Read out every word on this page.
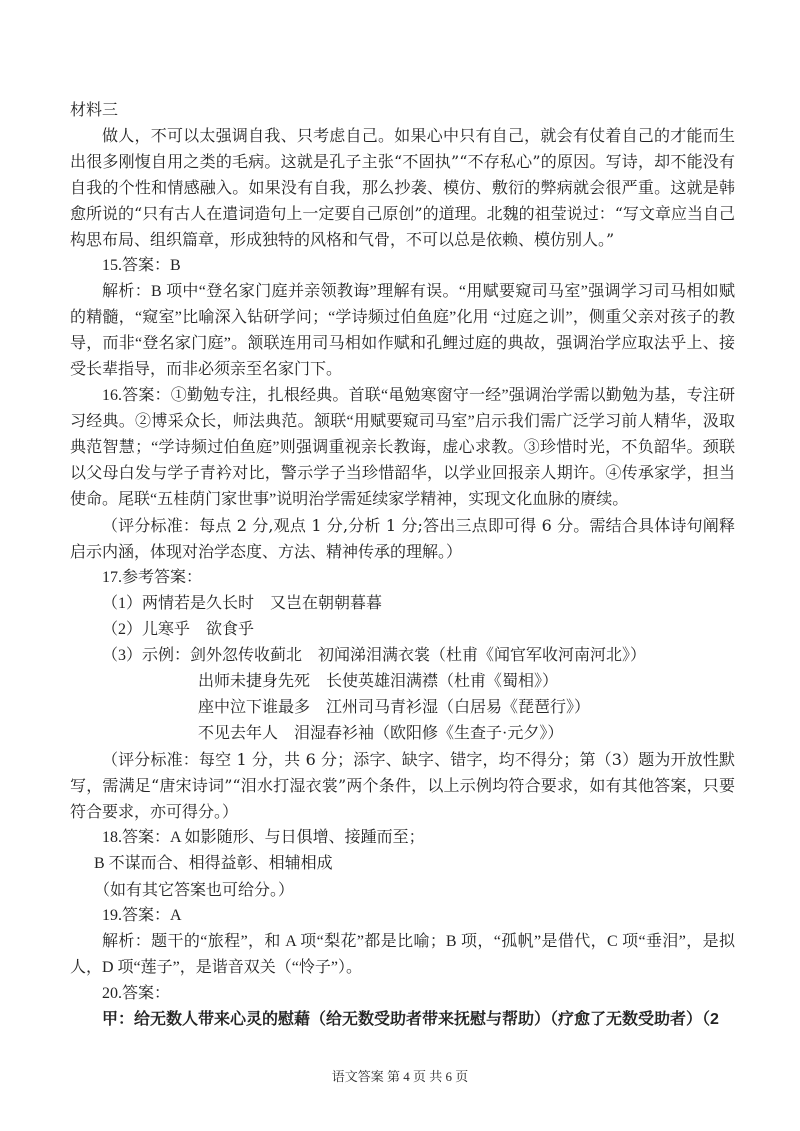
材料三

做人，不可以太强调自我、只考虑自己。如果心中只有自己，就会有仗着自己的才能而生出很多刚愎自用之类的毛病。这就是孔子主张“不固执”“不存私心”的原因。写诗，却不能没有自我的个性和情感融入。如果没有自我，那么抄袭、模仿、敷衍的弊病就会很严重。这就是韩愈所说的“只有古人在遣词造句上一定要自己原创”的道理。北魏的祖莹说过：“写文章应当自己构思布局、组织篇章，形成独特的风格和气骨，不可以总是依赖、模仿别人。”

15.答案：B

解析：B 项中“登名家门庭并亲领教诲”理解有误。“用赋要窥司马室”强调学习司马相如赋的精髓，“窥室”比喻深入钻研学问；“学诗频过伯鱼庭”化用 “过庭之训”，侧重父亲对孩子的教导，而非“登名家门庭”。颔联连用司马相如作赋和孔鲤过庭的典故，强调治学应取法乎上、接受长辈指导，而非必须亲至名家门下。

16.答案：①勤勉专注，扎根经典。首联“黾勉寒窗守一经”强调治学需以勤勉为基，专注研习经典。②博采众长，师法典范。颔联“用赋要窥司马室”启示我们需广泛学习前人精华，汲取典范智慧；“学诗频过伯鱼庭”则强调重视亲长教诲，虚心求教。③珍惜时光，不负韶华。颈联以父母白发与学子青衿对比，警示学子当珍惜韶华，以学业回报亲人期许。④传承家学，担当使命。尾联“五桂荫门家世事”说明治学需延续家学精神，实现文化血脉的赓续。

（评分标准：每点 2 分,观点 1 分,分析 1 分;答出三点即可得 6 分。需结合具体诗句阐释启示内涵，体现对治学态度、方法、精神传承的理解。）

17.参考答案：

（1）两情若是久长时　又岂在朝朝暮暮

（2）儿寒乎　欲食乎

（3）示例：剑外忽传收蓟北　初闻涕泪满衣裳（杜甫《闻官军收河南河北》）

出师未捷身先死　长使英雄泪满襟（杜甫《蜀相》）

座中泣下谁最多　江州司马青衫湿（白居易《琵琶行》）

不见去年人　泪湿春衫袖（欧阳修《生查子·元夕》）

（评分标准：每空 1 分，共 6 分；添字、缺字、错字，均不得分；第（3）题为开放性默写，需满足“唐宋诗词”“泪水打湿衣裳”两个条件，以上示例均符合要求，如有其他答案，只要符合要求，亦可得分。）

18.答案：A 如影随形、与日俱增、接踵而至；

B 不谋而合、相得益彰、相辅相成

（如有其它答案也可给分。）

19.答案：A

解析：题干的“旅程”，和 A 项“梨花”都是比喻；B 项，“孤帆”是借代，C 项“垂泪”，是拟人，D 项“莲子”，是谐音双关（“怜子”）。

20.答案：

甲：给无数人带来心灵的慰藉（给无数受助者带来抚慰与帮助）（疗愈了无数受助者）（2

语文答案 第 4 页 共 6 页
